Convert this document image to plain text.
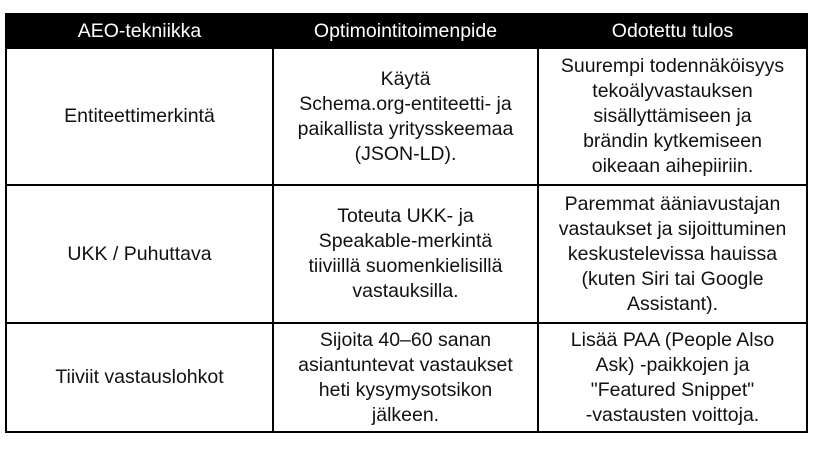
AEO-tekniikka	Optimointitoimenpide	Odotettu tulos
Entiteettimerkintä	Käytä
Schema.org-entiteetti- ja
paikallista yritysskeemaa
(JSON-LD).	Suurempi todennäköisyys
tekoälyvastauksen
sisällyttämiseen ja
brändin kytkemiseen
oikeaan aihepiiriin.

UKK / Puhuttava	Toteuta UKK- ja
Speakable-merkintä
tiiviillä suomenkielisillä
vastauksilla.	Paremmat ääniavustajan
vastaukset ja sijoittuminen
keskustelevissa hauissa
(kuten Siri tai Google
Assistant).

Tiiviit vastauslohkot	Sijoita 40–60 sanan
asiantuntevat vastaukset
heti kysymysotsikon
jälkeen.	Lisää PAA (People Also
Ask) -paikkojen ja
"Featured Snippet"
-vastausten voittoja.
